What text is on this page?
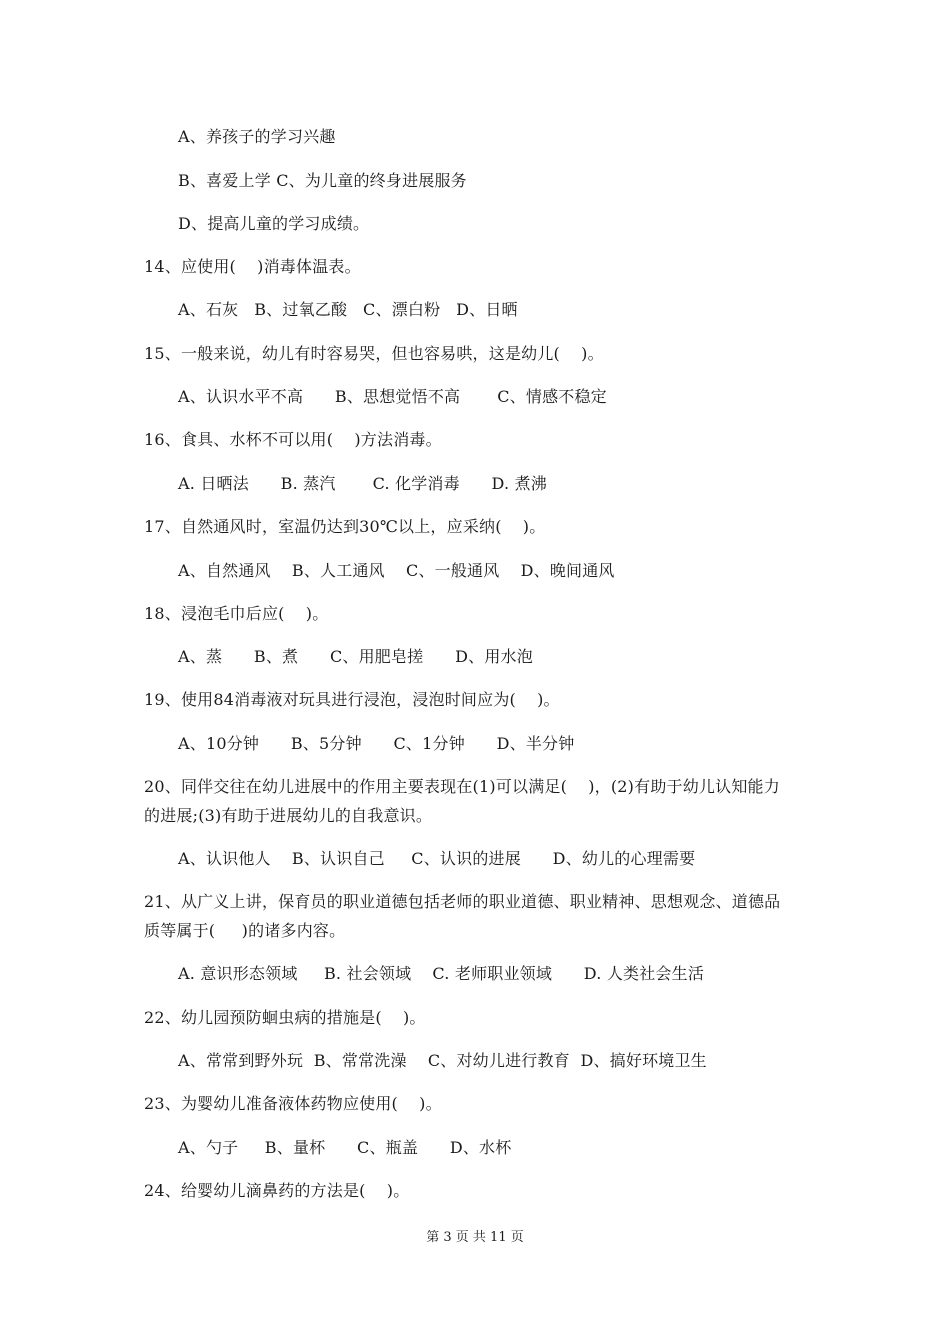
A、养孩子的学习兴趣
B、喜爱上学 C、为儿童的终身进展服务
D、提高儿童的学习成绩。
14、应使用(    )消毒体温表。
A、石灰   B、过氧乙酸   C、漂白粉   D、日晒
15、一般来说，幼儿有时容易哭，但也容易哄，这是幼儿(    )。
A、认识水平不高      B、思想觉悟不高       C、情感不稳定
16、食具、水杯不可以用(    )方法消毒。
A. 日晒法      B. 蒸汽       C. 化学消毒      D. 煮沸
17、自然通风时，室温仍达到30℃以上，应采纳(    )。
A、自然通风    B、人工通风    C、一般通风    D、晚间通风
18、浸泡毛巾后应(    )。
A、蒸      B、煮      C、用肥皂搓      D、用水泡
19、使用84消毒液对玩具进行浸泡，浸泡时间应为(    )。
A、10分钟      B、5分钟      C、1分钟      D、半分钟
20、同伴交往在幼儿进展中的作用主要表现在(1)可以满足(    )，(2)有助于幼儿认知能力
的进展;(3)有助于进展幼儿的自我意识。
A、认识他人    B、认识自己     C、认识的进展      D、幼儿的心理需要
21、从广义上讲，保育员的职业道德包括老师的职业道德、职业精神、思想观念、道德品
质等属于(     )的诸多内容。
A. 意识形态领域     B. 社会领域    C. 老师职业领域      D. 人类社会生活
22、幼儿园预防蛔虫病的措施是(    )。
A、常常到野外玩  B、常常洗澡    C、对幼儿进行教育  D、搞好环境卫生
23、为婴幼儿准备液体药物应使用(    )。
A、勺子     B、量杯      C、瓶盖      D、水杯
24、给婴幼儿滴鼻药的方法是(    )。
第 3 页 共 11 页
